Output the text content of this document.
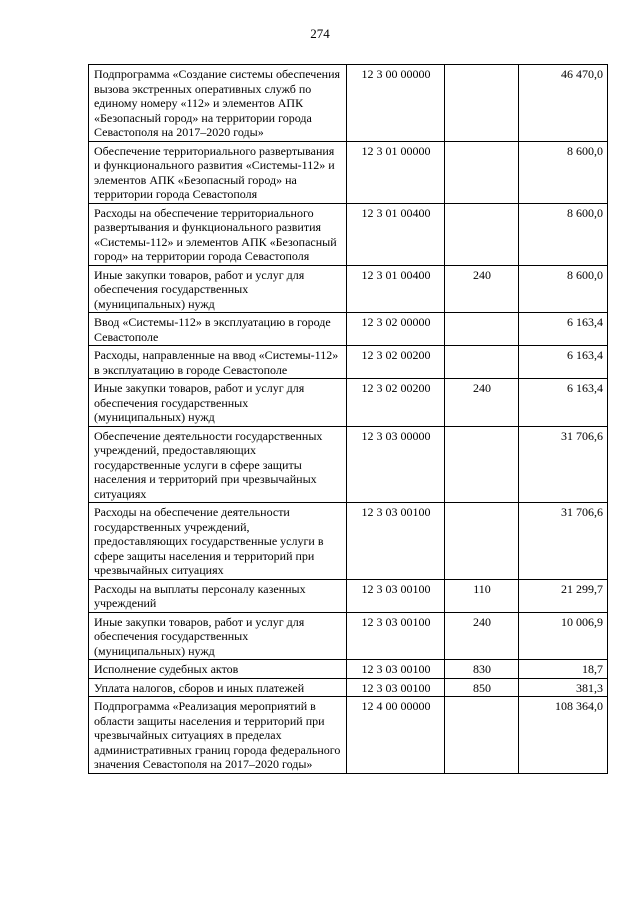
274
Подпрограмма «Создание системы обеспечения вызова экстренных оперативных служб по единому номеру «112» и элементов АПК «Безопасный город» на территории города Севастополя на 2017–2020 годы»	12 3 00 00000		46 470,0
Обеспечение территориального развертывания и функционального развития «Системы-112» и элементов АПК «Безопасный город» на территории города Севастополя	12 3 01 00000		8 600,0
Расходы на обеспечение территориального развертывания и функционального развития «Системы-112» и элементов АПК «Безопасный город» на территории города Севастополя	12 3 01 00400		8 600,0
Иные закупки товаров, работ и услуг для обеспечения государственных (муниципальных) нужд	12 3 01 00400	240	8 600,0
Ввод «Системы-112» в эксплуатацию в городе Севастополе	12 3 02 00000		6 163,4
Расходы, направленные на ввод «Системы-112» в эксплуатацию в городе Севастополе	12 3 02 00200		6 163,4
Иные закупки товаров, работ и услуг для обеспечения государственных (муниципальных) нужд	12 3 02 00200	240	6 163,4
Обеспечение деятельности государственных учреждений, предоставляющих государственные услуги в сфере защиты населения и территорий при чрезвычайных ситуациях	12 3 03 00000		31 706,6
Расходы на обеспечение деятельности государственных учреждений, предоставляющих государственные услуги в сфере защиты населения и территорий при чрезвычайных ситуациях	12 3 03 00100		31 706,6
Расходы на выплаты персоналу казенных учреждений	12 3 03 00100	110	21 299,7
Иные закупки товаров, работ и услуг для обеспечения государственных (муниципальных) нужд	12 3 03 00100	240	10 006,9
Исполнение судебных актов	12 3 03 00100	830	18,7
Уплата налогов, сборов и иных платежей	12 3 03 00100	850	381,3
Подпрограмма «Реализация мероприятий в области защиты населения и территорий при чрезвычайных ситуациях в пределах административных границ города федерального значения Севастополя на 2017–2020 годы»	12 4 00 00000		108 364,0
